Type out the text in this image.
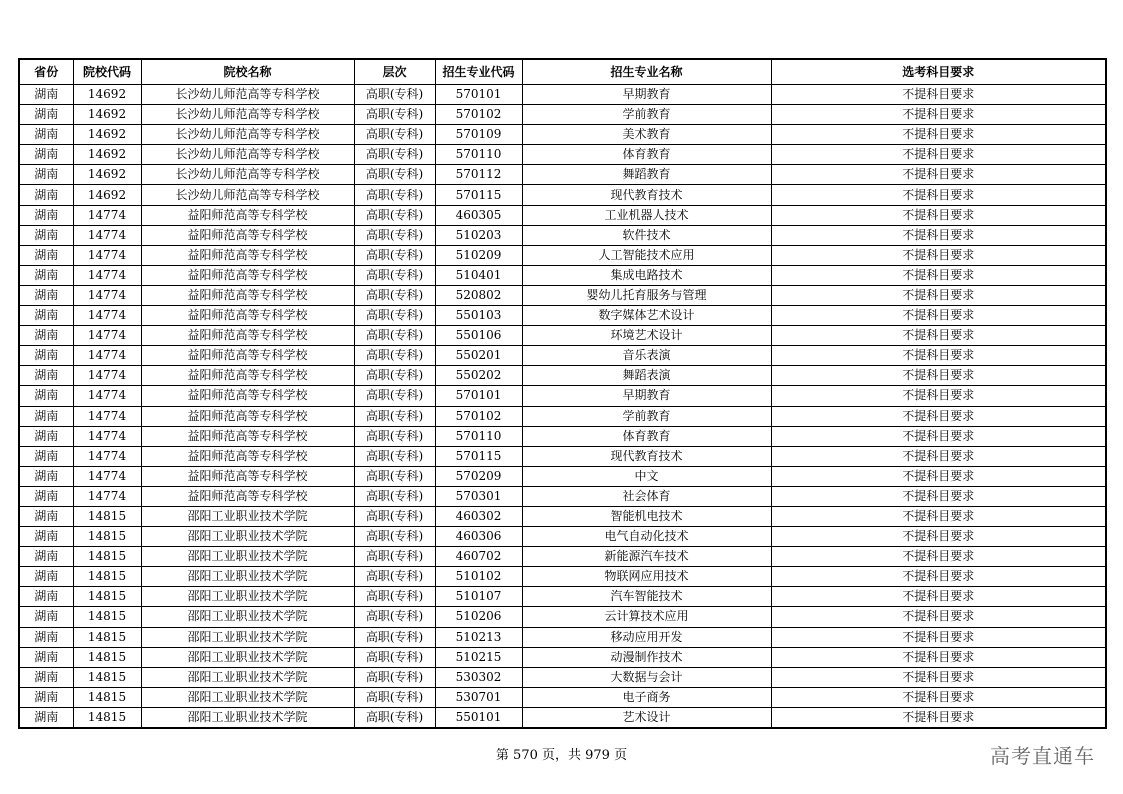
省份	院校代码	院校名称	层次	招生专业代码	招生专业名称	选考科目要求
湖南	14692	长沙幼儿师范高等专科学校	高职(专科)	570101	早期教育	不提科目要求
湖南	14692	长沙幼儿师范高等专科学校	高职(专科)	570102	学前教育	不提科目要求
湖南	14692	长沙幼儿师范高等专科学校	高职(专科)	570109	美术教育	不提科目要求
湖南	14692	长沙幼儿师范高等专科学校	高职(专科)	570110	体育教育	不提科目要求
湖南	14692	长沙幼儿师范高等专科学校	高职(专科)	570112	舞蹈教育	不提科目要求
湖南	14692	长沙幼儿师范高等专科学校	高职(专科)	570115	现代教育技术	不提科目要求
湖南	14774	益阳师范高等专科学校	高职(专科)	460305	工业机器人技术	不提科目要求
湖南	14774	益阳师范高等专科学校	高职(专科)	510203	软件技术	不提科目要求
湖南	14774	益阳师范高等专科学校	高职(专科)	510209	人工智能技术应用	不提科目要求
湖南	14774	益阳师范高等专科学校	高职(专科)	510401	集成电路技术	不提科目要求
湖南	14774	益阳师范高等专科学校	高职(专科)	520802	婴幼儿托育服务与管理	不提科目要求
湖南	14774	益阳师范高等专科学校	高职(专科)	550103	数字媒体艺术设计	不提科目要求
湖南	14774	益阳师范高等专科学校	高职(专科)	550106	环境艺术设计	不提科目要求
湖南	14774	益阳师范高等专科学校	高职(专科)	550201	音乐表演	不提科目要求
湖南	14774	益阳师范高等专科学校	高职(专科)	550202	舞蹈表演	不提科目要求
湖南	14774	益阳师范高等专科学校	高职(专科)	570101	早期教育	不提科目要求
湖南	14774	益阳师范高等专科学校	高职(专科)	570102	学前教育	不提科目要求
湖南	14774	益阳师范高等专科学校	高职(专科)	570110	体育教育	不提科目要求
湖南	14774	益阳师范高等专科学校	高职(专科)	570115	现代教育技术	不提科目要求
湖南	14774	益阳师范高等专科学校	高职(专科)	570209	中文	不提科目要求
湖南	14774	益阳师范高等专科学校	高职(专科)	570301	社会体育	不提科目要求
湖南	14815	邵阳工业职业技术学院	高职(专科)	460302	智能机电技术	不提科目要求
湖南	14815	邵阳工业职业技术学院	高职(专科)	460306	电气自动化技术	不提科目要求
湖南	14815	邵阳工业职业技术学院	高职(专科)	460702	新能源汽车技术	不提科目要求
湖南	14815	邵阳工业职业技术学院	高职(专科)	510102	物联网应用技术	不提科目要求
湖南	14815	邵阳工业职业技术学院	高职(专科)	510107	汽车智能技术	不提科目要求
湖南	14815	邵阳工业职业技术学院	高职(专科)	510206	云计算技术应用	不提科目要求
湖南	14815	邵阳工业职业技术学院	高职(专科)	510213	移动应用开发	不提科目要求
湖南	14815	邵阳工业职业技术学院	高职(专科)	510215	动漫制作技术	不提科目要求
湖南	14815	邵阳工业职业技术学院	高职(专科)	530302	大数据与会计	不提科目要求
湖南	14815	邵阳工业职业技术学院	高职(专科)	530701	电子商务	不提科目要求
湖南	14815	邵阳工业职业技术学院	高职(专科)	550101	艺术设计	不提科目要求
第 570 页，共 979 页	高考直通车
